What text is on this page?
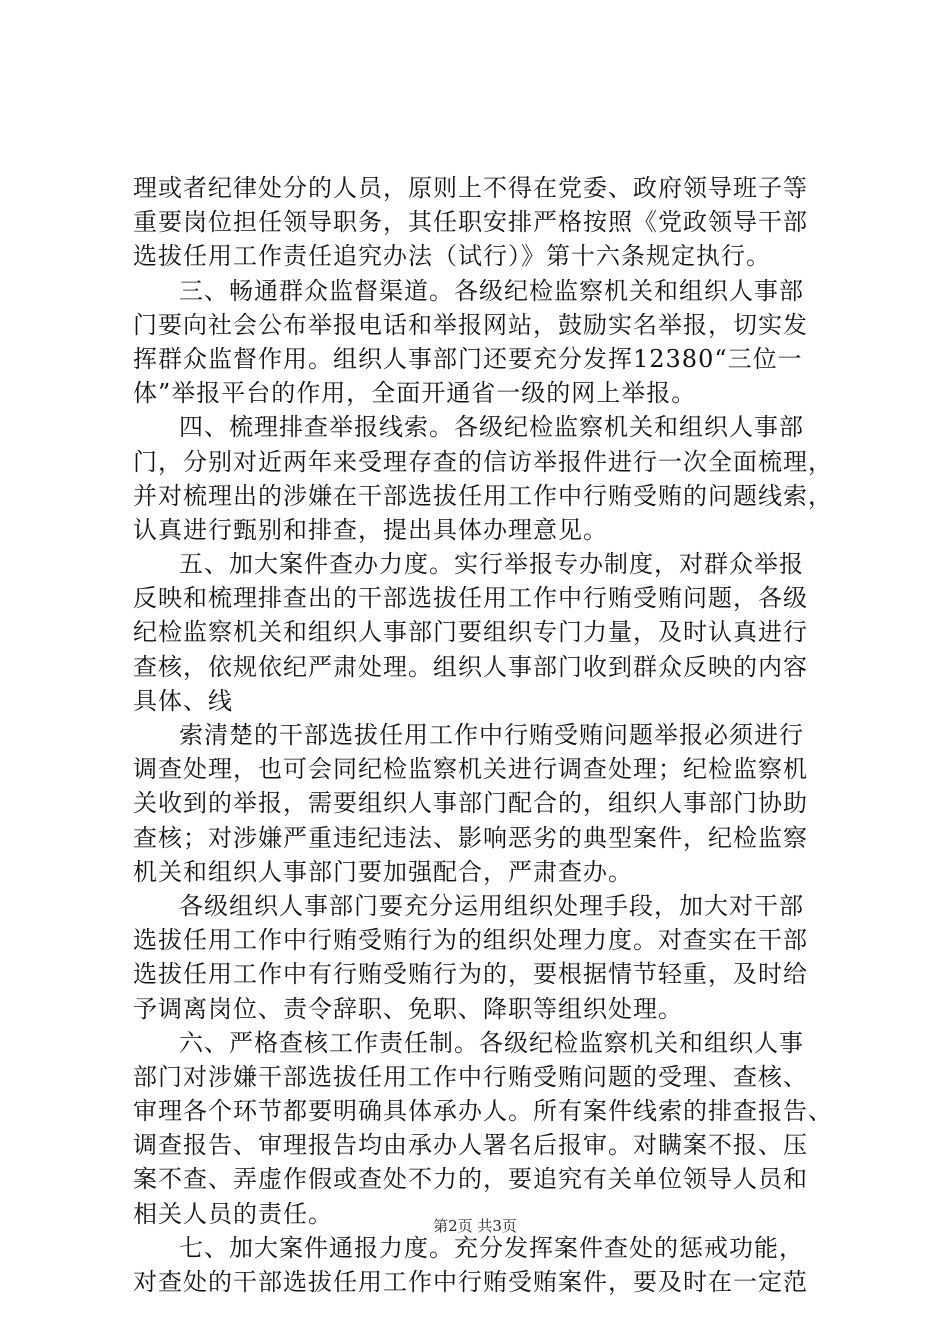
理或者纪律处分的人员，原则上不得在党委、政府领导班子等
重要岗位担任领导职务，其任职安排严格按照《党政领导干部
选拔任用工作责任追究办法（试行）》第十六条规定执行。
三、畅通群众监督渠道。各级纪检监察机关和组织人事部
门要向社会公布举报电话和举报网站，鼓励实名举报，切实发
挥群众监督作用。组织人事部门还要充分发挥12380“三位一
体”举报平台的作用，全面开通省一级的网上举报。
四、梳理排查举报线索。各级纪检监察机关和组织人事部
门，分别对近两年来受理存查的信访举报件进行一次全面梳理，
并对梳理出的涉嫌在干部选拔任用工作中行贿受贿的问题线索，
认真进行甄别和排查，提出具体办理意见。
五、加大案件查办力度。实行举报专办制度，对群众举报
反映和梳理排查出的干部选拔任用工作中行贿受贿问题，各级
纪检监察机关和组织人事部门要组织专门力量，及时认真进行
查核，依规依纪严肃处理。组织人事部门收到群众反映的内容
具体、线
索清楚的干部选拔任用工作中行贿受贿问题举报必须进行
调查处理，也可会同纪检监察机关进行调查处理；纪检监察机
关收到的举报，需要组织人事部门配合的，组织人事部门协助
查核；对涉嫌严重违纪违法、影响恶劣的典型案件，纪检监察
机关和组织人事部门要加强配合，严肃查办。
各级组织人事部门要充分运用组织处理手段，加大对干部
选拔任用工作中行贿受贿行为的组织处理力度。对查实在干部
选拔任用工作中有行贿受贿行为的，要根据情节轻重，及时给
予调离岗位、责令辞职、免职、降职等组织处理。
六、严格查核工作责任制。各级纪检监察机关和组织人事
部门对涉嫌干部选拔任用工作中行贿受贿问题的受理、查核、
审理各个环节都要明确具体承办人。所有案件线索的排查报告、
调查报告、审理报告均由承办人署名后报审。对瞒案不报、压
案不查、弄虚作假或查处不力的，要追究有关单位领导人员和
相关人员的责任。
七、加大案件通报力度。充分发挥案件查处的惩戒功能，
对查处的干部选拔任用工作中行贿受贿案件，要及时在一定范
第2页 共3页
